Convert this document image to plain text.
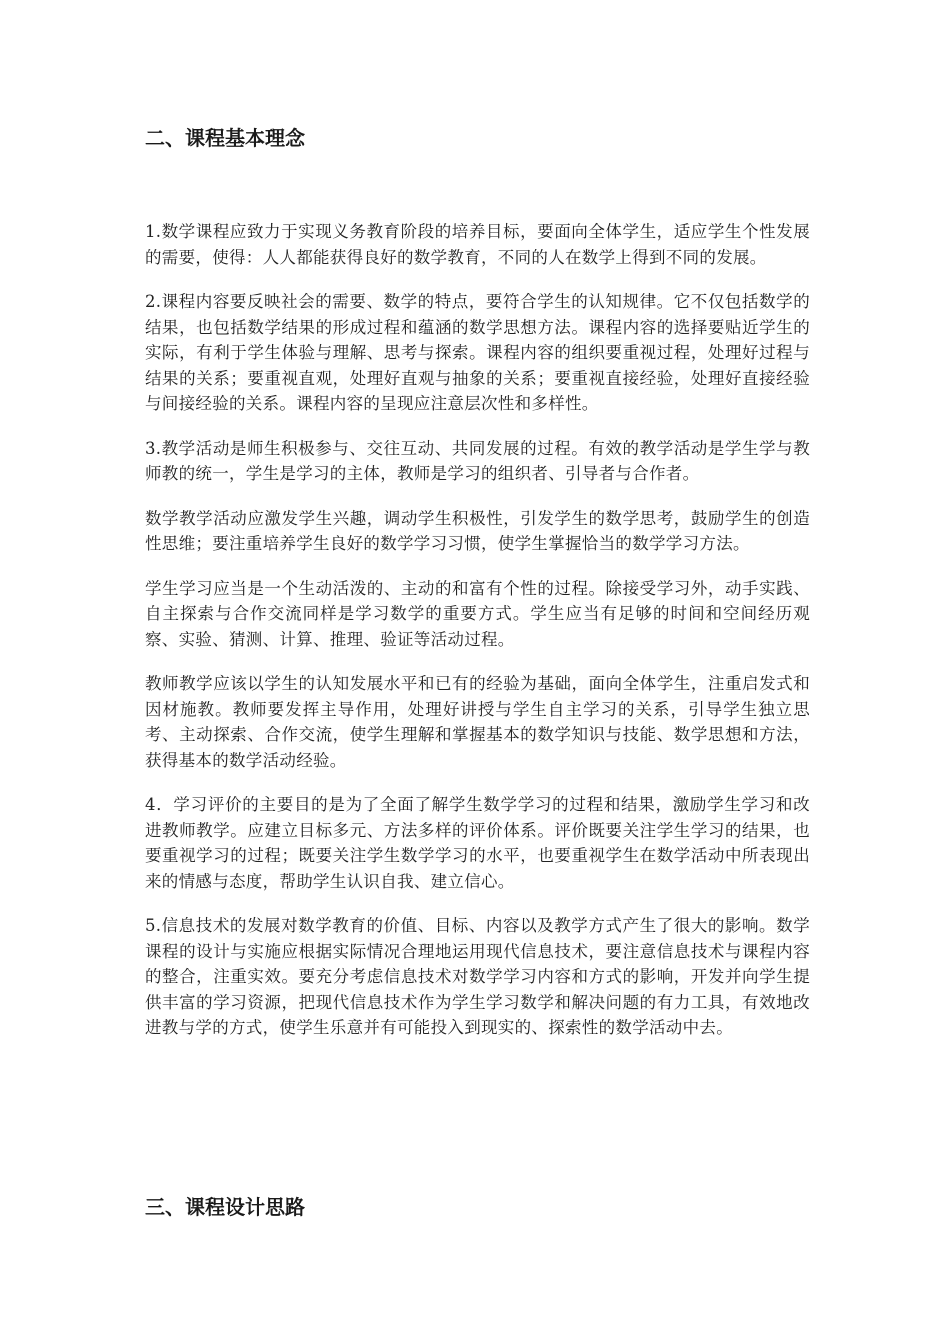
二、课程基本理念

1.数学课程应致力于实现义务教育阶段的培养目标，要面向全体学生，适应学生个性发展的需要，使得：人人都能获得良好的数学教育，不同的人在数学上得到不同的发展。

2.课程内容要反映社会的需要、数学的特点，要符合学生的认知规律。它不仅包括数学的结果，也包括数学结果的形成过程和蕴涵的数学思想方法。课程内容的选择要贴近学生的实际，有利于学生体验与理解、思考与探索。课程内容的组织要重视过程，处理好过程与结果的关系；要重视直观，处理好直观与抽象的关系；要重视直接经验，处理好直接经验与间接经验的关系。课程内容的呈现应注意层次性和多样性。

3.教学活动是师生积极参与、交往互动、共同发展的过程。有效的教学活动是学生学与教师教的统一，学生是学习的主体，教师是学习的组织者、引导者与合作者。

数学教学活动应激发学生兴趣，调动学生积极性，引发学生的数学思考，鼓励学生的创造性思维；要注重培养学生良好的数学学习习惯，使学生掌握恰当的数学学习方法。

学生学习应当是一个生动活泼的、主动的和富有个性的过程。除接受学习外，动手实践、自主探索与合作交流同样是学习数学的重要方式。学生应当有足够的时间和空间经历观察、实验、猜测、计算、推理、验证等活动过程。

教师教学应该以学生的认知发展水平和已有的经验为基础，面向全体学生，注重启发式和因材施教。教师要发挥主导作用，处理好讲授与学生自主学习的关系，引导学生独立思考、主动探索、合作交流，使学生理解和掌握基本的数学知识与技能、数学思想和方法，获得基本的数学活动经验。

4．学习评价的主要目的是为了全面了解学生数学学习的过程和结果，激励学生学习和改进教师教学。应建立目标多元、方法多样的评价体系。评价既要关注学生学习的结果，也要重视学习的过程；既要关注学生数学学习的水平，也要重视学生在数学活动中所表现出来的情感与态度，帮助学生认识自我、建立信心。

5.信息技术的发展对数学教育的价值、目标、内容以及教学方式产生了很大的影响。数学课程的设计与实施应根据实际情况合理地运用现代信息技术，要注意信息技术与课程内容的整合，注重实效。要充分考虑信息技术对数学学习内容和方式的影响，开发并向学生提供丰富的学习资源，把现代信息技术作为学生学习数学和解决问题的有力工具，有效地改进教与学的方式，使学生乐意并有可能投入到现实的、探索性的数学活动中去。

三、课程设计思路
